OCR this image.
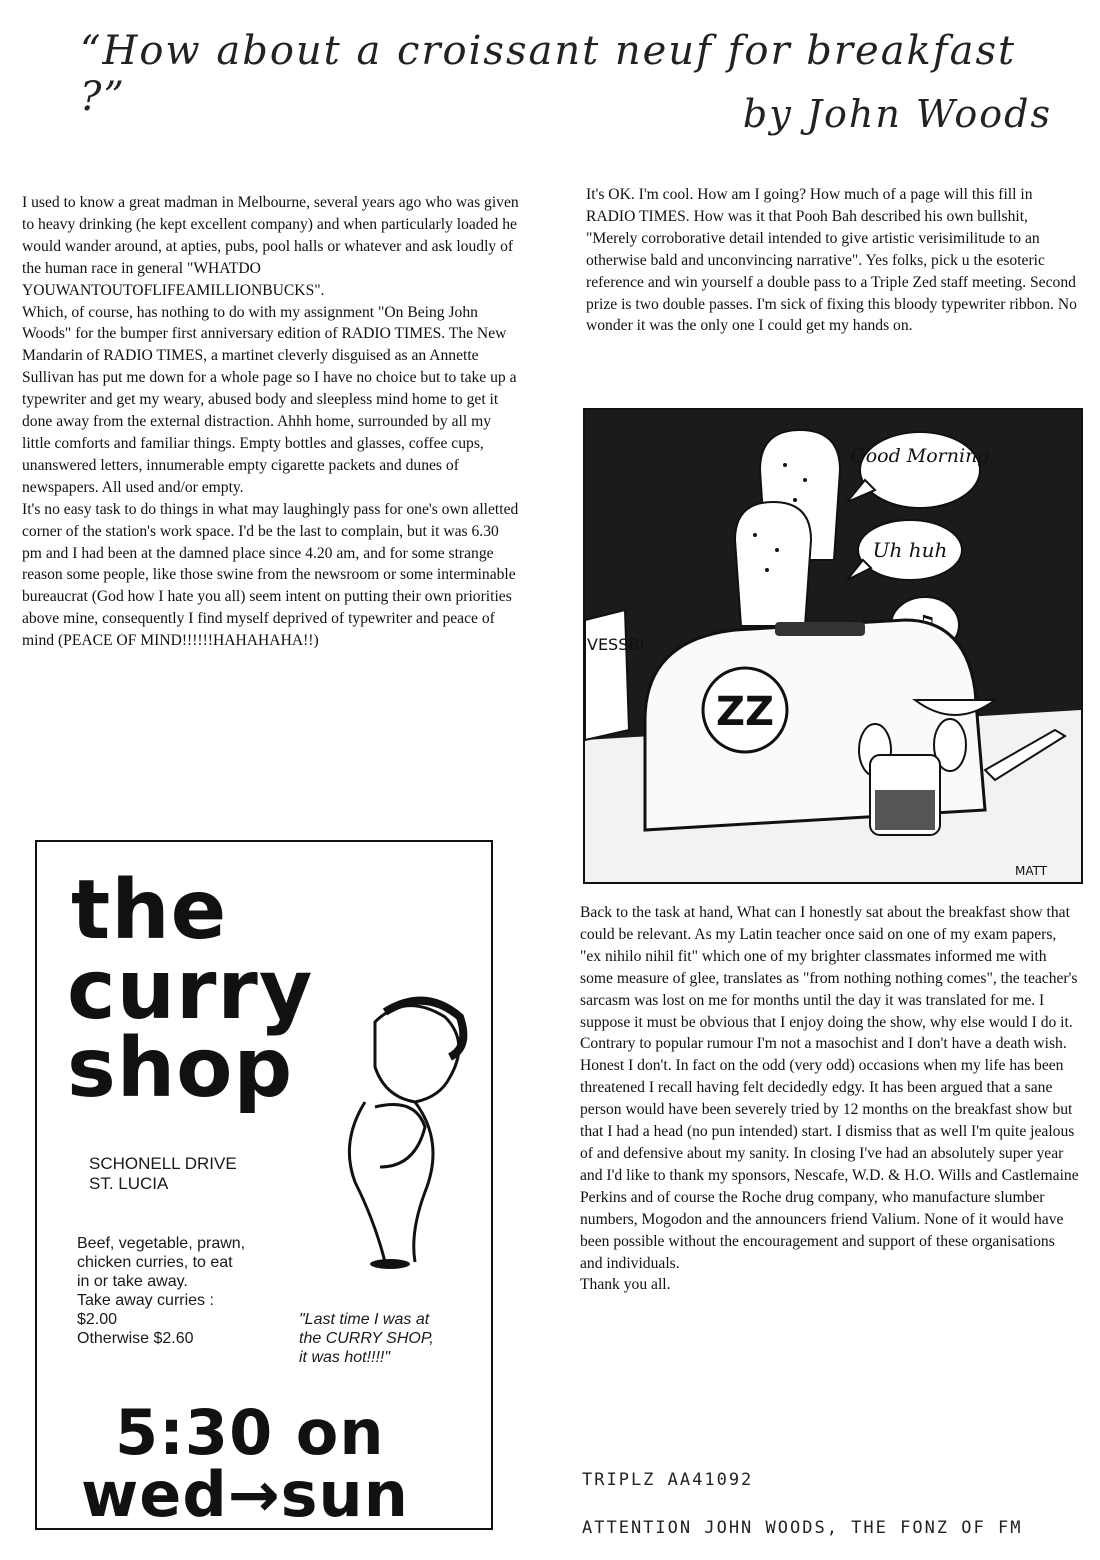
“How about a croissant neuf for breakfast ?”	by John Woods

I used to know a great madman in Melbourne, several years ago who was given to heavy drinking (he kept excellent company) and when particularly loaded he would wander around, at apties, pubs, pool halls or whatever and ask loudly of the human race in general "WHATDO YOUWANTOUTOFLIFEAMILLIONBUCKS".

Which, of course, has nothing to do with my assignment "On Being John Woods" for the bumper first anniversary edition of RADIO TIMES. The New Mandarin of RADIO TIMES, a martinet cleverly disguised as an Annette Sullivan has put me down for a whole page so I have no choice but to take up a typewriter and get my weary, abused body and sleepless mind home to get it done away from the external distraction. Ahhh home, surrounded by all my little comforts and familiar things. Empty bottles and glasses, coffee cups, unanswered letters, innumerable empty cigarette packets and dunes of newspapers. All used and/or empty.

It's no easy task to do things in what may laughingly pass for one's own alletted corner of the station's work space. I'd be the last to complain, but it was 6.30 pm and I had been at the damned place since 4.20 am, and for some strange reason some people, like those swine from the newsroom or some interminable bureaucrat (God how I hate you all) seem intent on putting their own priorities above mine, consequently I find myself deprived of typewriter and peace of mind (PEACE OF MIND!!!!!!HAHAHAHA!!)

It's OK. I'm cool. How am I going? How much of a page will this fill in RADIO TIMES. How was it that Pooh Bah described his own bullshit, "Merely corroborative detail intended to give artistic verisimilitude to an otherwise bald and unconvincing narrative". Yes folks, pick u the esoteric reference and win yourself a double pass to a Triple Zed staff meeting. Second prize is two double passes. I'm sick of fixing this bloody typewriter ribbon. No wonder it was the only one I could get my hands on.

Good Morning
Uh huh
VESSBI
ZZ
MATT

Back to the task at hand, What can I honestly sat about the breakfast show that could be relevant. As my Latin teacher once said on one of my exam papers, "ex nihilo nihil fit" which one of my brighter classmates informed me with some measure of glee, translates as "from nothing nothing comes", the teacher's sarcasm was lost on me for months until the day it was translated for me. I suppose it must be obvious that I enjoy doing the show, why else would I do it. Contrary to popular rumour I'm not a masochist and I don't have a death wish. Honest I don't. In fact on the odd (very odd) occasions when my life has been threatened I recall having felt decidedly edgy. It has been argued that a sane person would have been severely tried by 12 months on the breakfast show but that I had a head (no pun intended) start. I dismiss that as well I'm quite jealous of and defensive about my sanity. In closing I've had an absolutely super year and I'd like to thank my sponsors, Nescafe, W.D. & H.O. Wills and Castlemaine Perkins and of course the Roche drug company, who manufacture slumber numbers, Mogodon and the announcers friend Valium. None of it would have been possible without the encouragement and support of these organisations and individuals.

Thank you all.

TRIPLZ AA41092
ATTENTION JOHN WOODS, THE FONZ OF FM
the
curry
shop
SCHONELL DRIVE
ST. LUCIA
Beef, vegetable, prawn,
chicken curries, to eat
in or take away.
Take away curries :
$2.00
Otherwise $2.60
"Last time I was at
the CURRY SHOP,
it was hot!!!!"
5:30 on
wed→sun
